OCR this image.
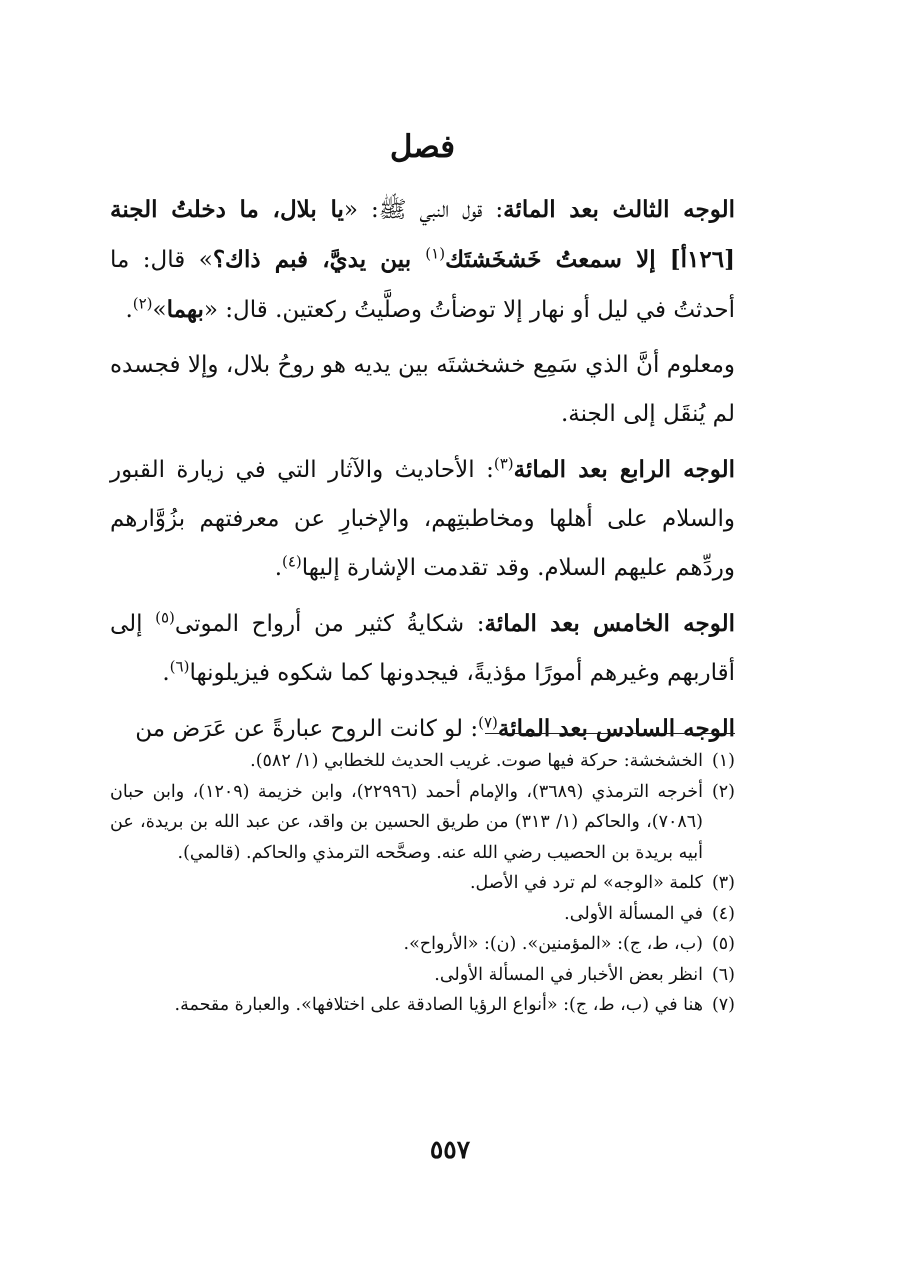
فصل

الوجه الثالث بعد المائة: قول النبي ﷺ: «يا بلال، ما دخلتُ الجنة [١٢٦أ] إلا سمعتُ خَشخَشتَك$^{(١)}$ بين يديَّ، فبم ذاك؟» قال: ما أحدثتُ في ليل أو نهار إلا توضأتُ وصلَّيتُ ركعتين. قال: «بهما»$^{(٢)}$.

ومعلوم أنَّ الذي سَمِع خشخشتَه بين يديه هو روحُ بلال، وإلا فجسده لم يُنقَل إلى الجنة.

الوجه الرابع بعد المائة$^{(٣)}$: الأحاديث والآثار التي في زيارة القبور والسلام على أهلها ومخاطبتِهم، والإخبارِ عن معرفتهم بزُوَّارهم وردِّهم عليهم السلام. وقد تقدمت الإشارة إليها$^{(٤)}$.

الوجه الخامس بعد المائة: شكايةُ كثير من أرواح الموتى$^{(٥)}$ إلى أقاربهم وغيرهم أمورًا مؤذيةً، فيجدونها كما شكوه فيزيلونها$^{(٦)}$.

الوجه السادس بعد المائة$^{(٧)}$: لو كانت الروح عبارةً عن عَرَض من

(١)
الخشخشة: حركة فيها صوت. غريب الحديث للخطابي (١/ ٥٨٢).
(٢)
أخرجه الترمذي (٣٦٨٩)، والإمام أحمد (٢٢٩٩٦)، وابن خزيمة (١٢٠٩)، وابن حبان (٧٠٨٦)، والحاكم (١/ ٣١٣) من طريق الحسين بن واقد، عن عبد الله بن بريدة، عن أبيه بريدة بن الحصيب رضي الله عنه. وصحَّحه الترمذي والحاكم. (قالمي).
(٣)
كلمة «الوجه» لم ترد في الأصل.
(٤)
في المسألة الأولى.
(٥)
(ب، ط، ج): «المؤمنين». (ن): «الأرواح».
(٦)
انظر بعض الأخبار في المسألة الأولى.
(٧)
هنا في (ب، ط، ج): «أنواع الرؤيا الصادقة على اختلافها». والعبارة مقحمة.
٥٥٧
